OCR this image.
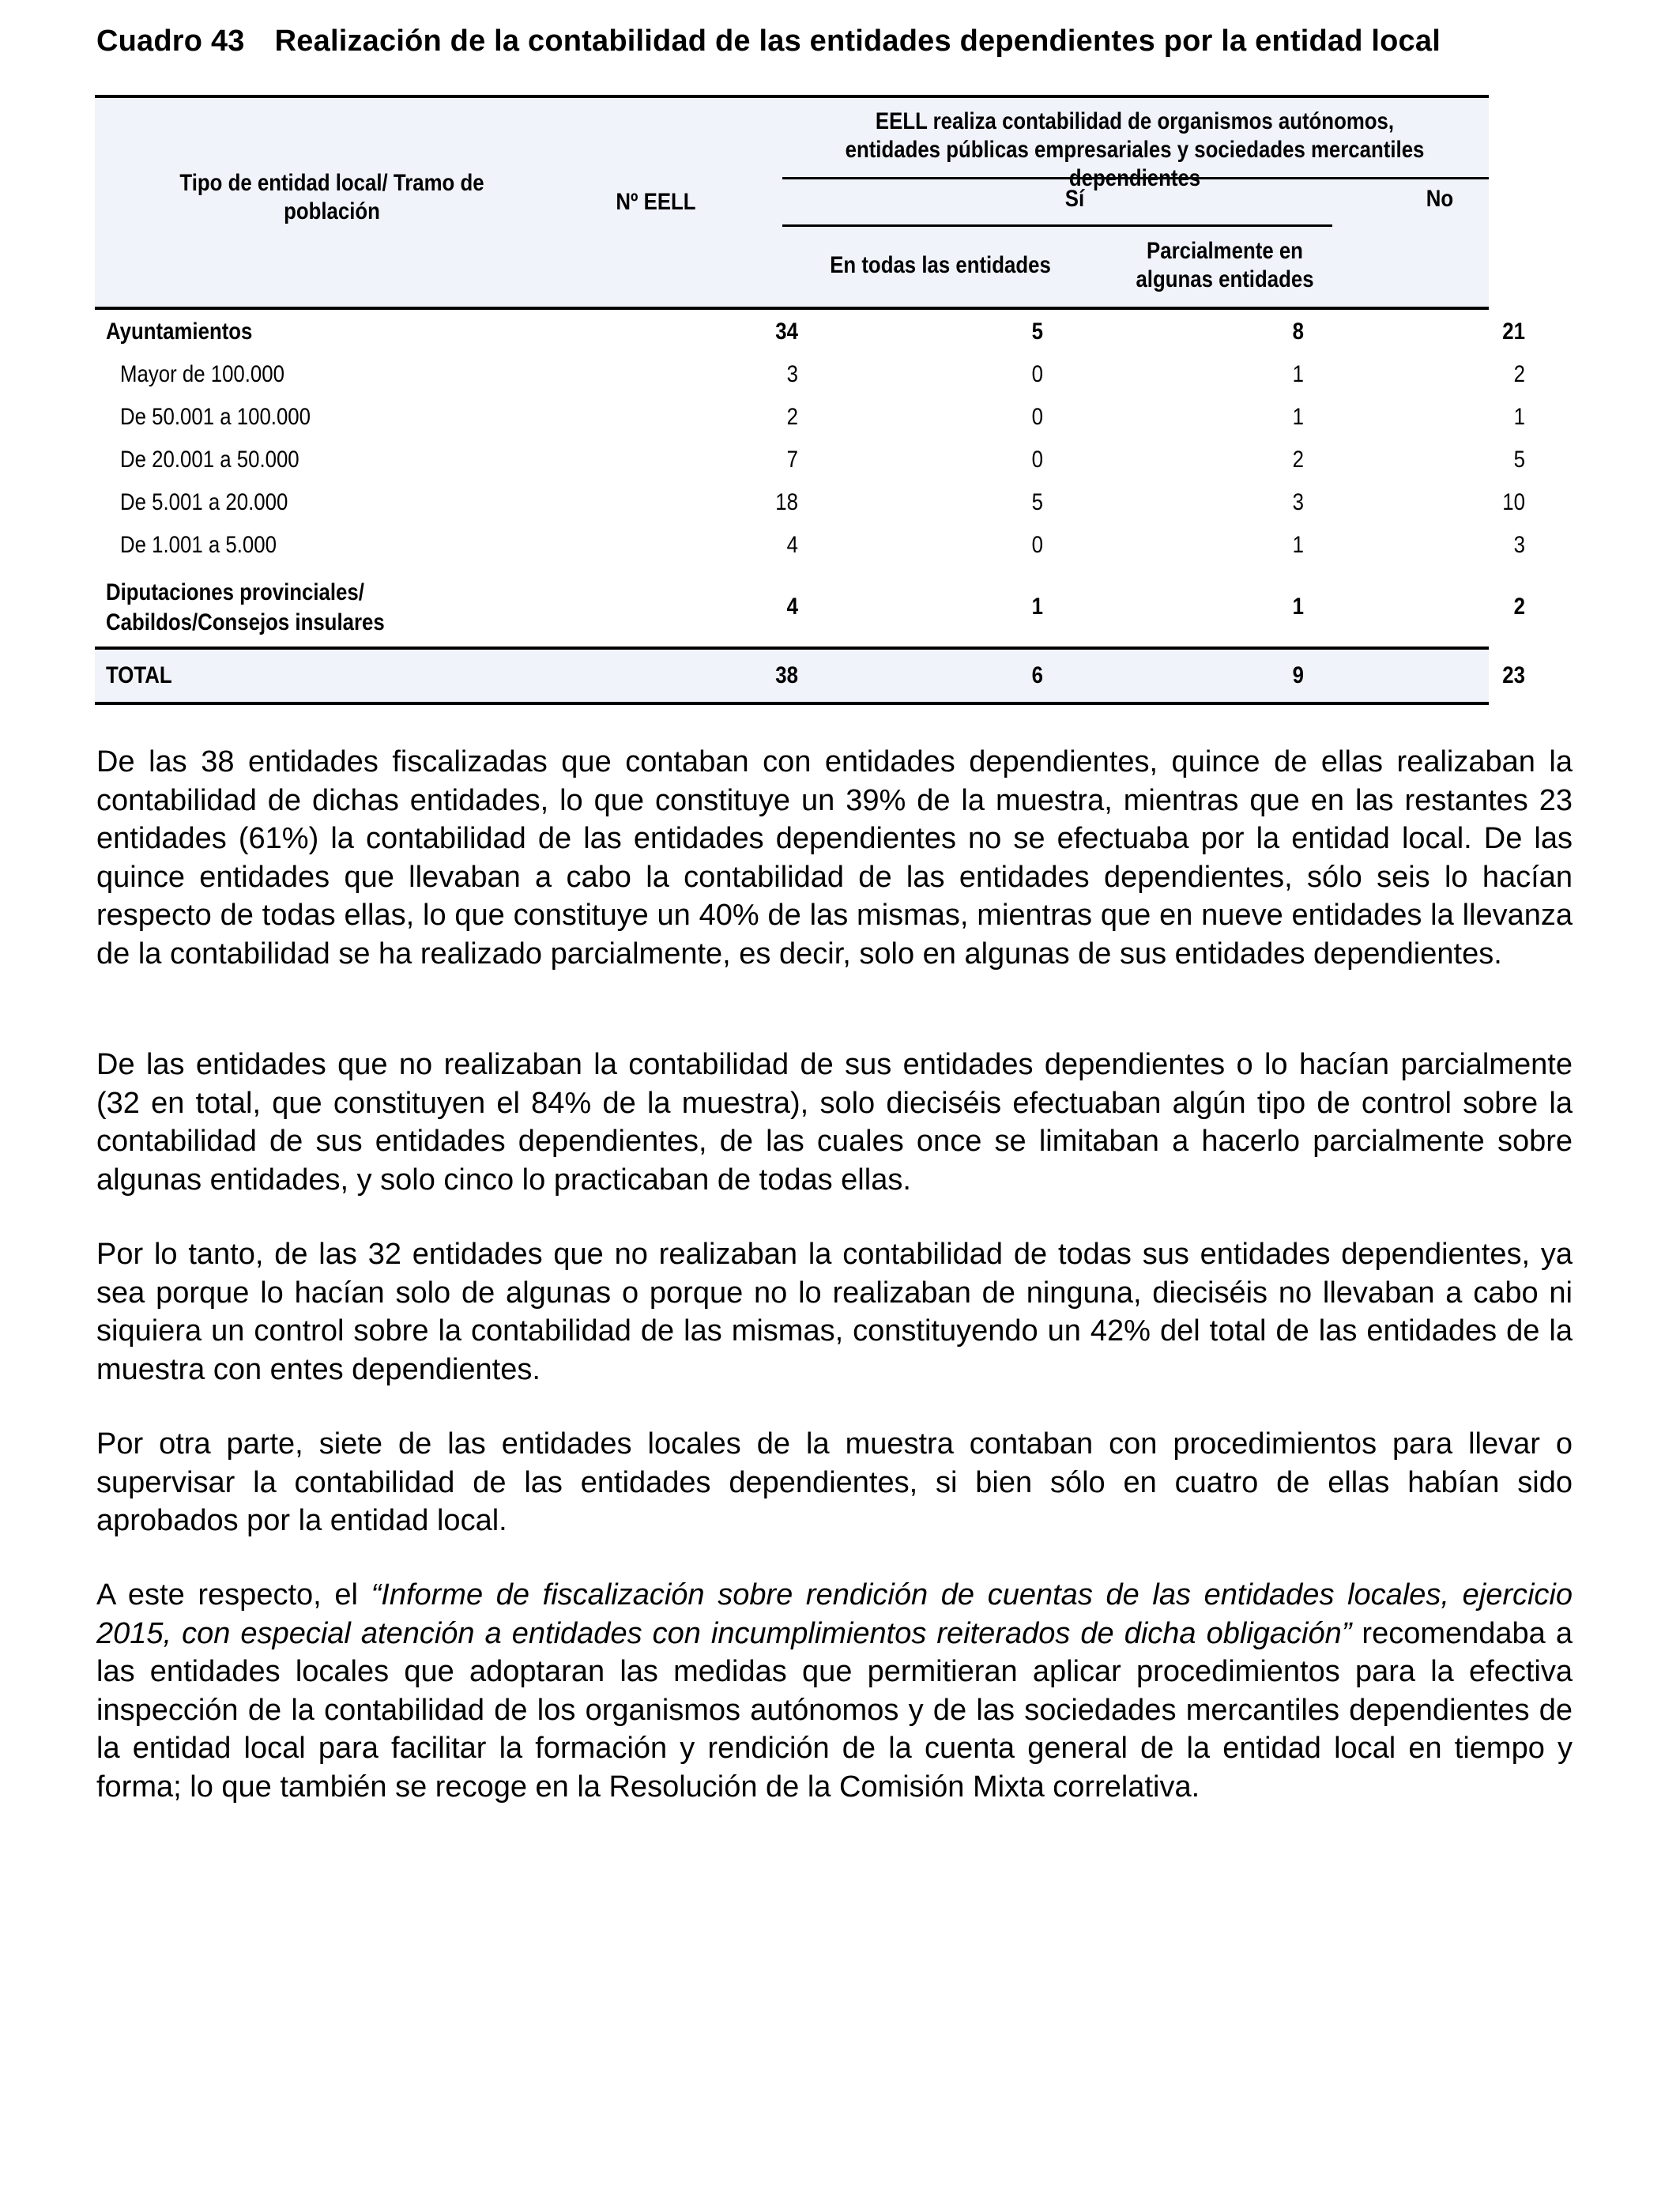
Cuadro 43 Realización de la contabilidad de las entidades dependientes por la entidad local
Tipo de entidad local/ Tramo de población	Nº EELL
EELL realiza contabilidad de organismos autónomos, entidades públicas empresariales y sociedades mercantiles dependientes
Sí	No
En todas las entidades
Parcialmente en algunas entidades
Ayuntamientos	34	5	8	21
Mayor de 100.000	3	0	1	2
De 50.001 a 100.000	2	0	1	1
De 20.001 a 50.000	7	0	2	5
De 5.001 a 20.000	18	5	3	10
De 1.001 a 5.000	4	0	1	3
Diputaciones provinciales/
Cabildos/Consejos insulares
4	1	1	2
TOTAL	38	6	9	23

De las 38 entidades fiscalizadas que contaban con entidades dependientes, quince de ellas realizaban la contabilidad de dichas entidades, lo que constituye un 39% de la muestra, mientras que en las restantes 23 entidades (61%) la contabilidad de las entidades dependientes no se efectuaba por la entidad local. De las quince entidades que llevaban a cabo la contabilidad de las entidades dependientes, sólo seis lo hacían respecto de todas ellas, lo que constituye un 40% de las mismas, mientras que en nueve entidades la llevanza de la contabilidad se ha realizado parcialmente, es decir, solo en algunas de sus entidades dependientes.

De las entidades que no realizaban la contabilidad de sus entidades dependientes o lo hacían parcialmente (32 en total, que constituyen el 84% de la muestra), solo dieciséis efectuaban algún tipo de control sobre la contabilidad de sus entidades dependientes, de las cuales once se limitaban a hacerlo parcialmente sobre algunas entidades, y solo cinco lo practicaban de todas ellas.

Por lo tanto, de las 32 entidades que no realizaban la contabilidad de todas sus entidades dependientes, ya sea porque lo hacían solo de algunas o porque no lo realizaban de ninguna, dieciséis no llevaban a cabo ni siquiera un control sobre la contabilidad de las mismas, constituyendo un 42% del total de las entidades de la muestra con entes dependientes.

Por otra parte, siete de las entidades locales de la muestra contaban con procedimientos para llevar o supervisar la contabilidad de las entidades dependientes, si bien sólo en cuatro de ellas habían sido aprobados por la entidad local.

A este respecto, el “Informe de fiscalización sobre rendición de cuentas de las entidades locales, ejercicio 2015, con especial atención a entidades con incumplimientos reiterados de dicha obligación” recomendaba a las entidades locales que adoptaran las medidas que permitieran aplicar procedimientos para la efectiva inspección de la contabilidad de los organismos autónomos y de las sociedades mercantiles dependientes de la entidad local para facilitar la formación y rendición de la cuenta general de la entidad local en tiempo y forma; lo que también se recoge en la Resolución de la Comisión Mixta correlativa.
